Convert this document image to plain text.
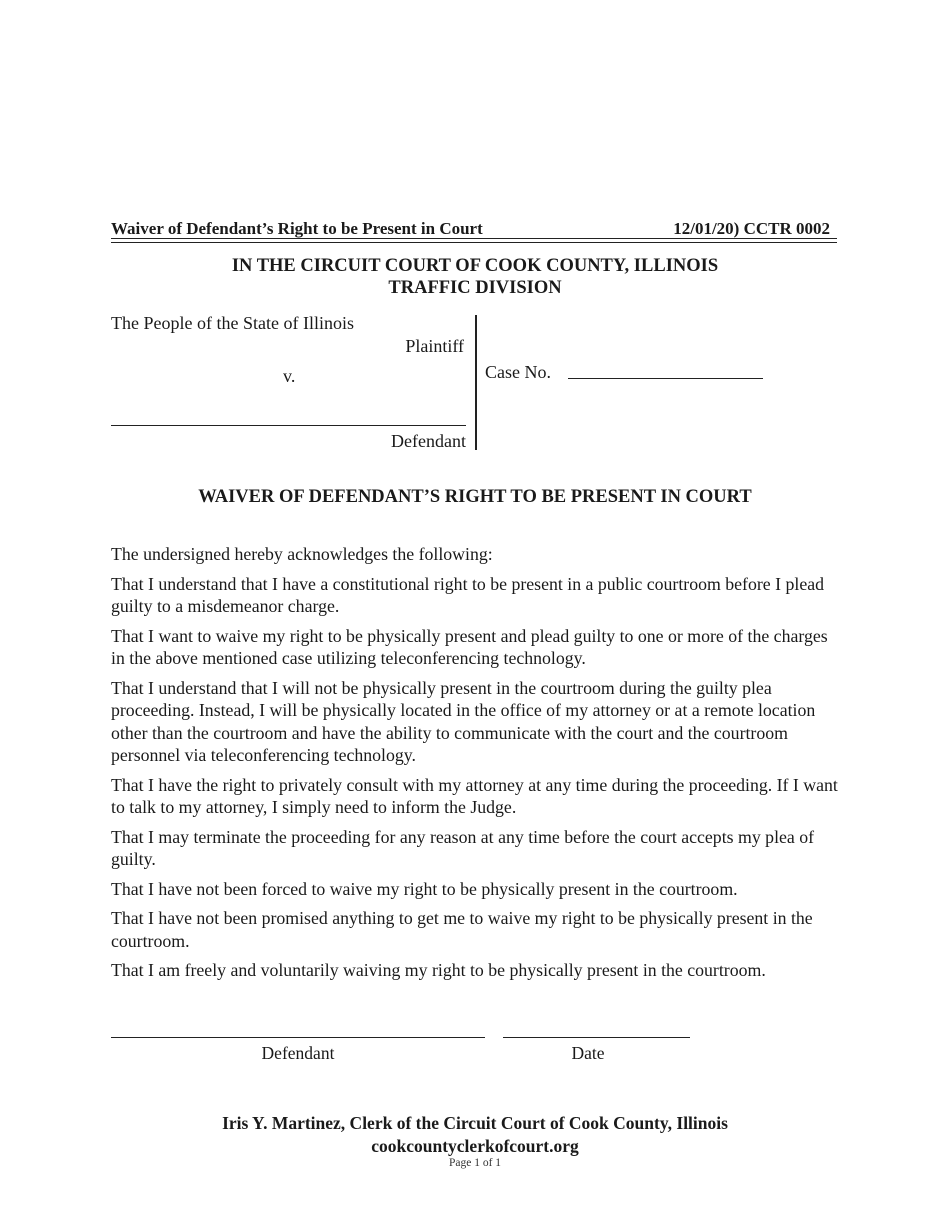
Waiver of Defendant’s Right to be Present in Court	12/01/20) CCTR 0002
IN THE CIRCUIT COURT OF COOK COUNTY, ILLINOIS
TRAFFIC DIVISION
The People of the State of Illinois
Plaintiff
v.
Defendant
Case No.
WAIVER OF DEFENDANT’S RIGHT TO BE PRESENT IN COURT

The undersigned hereby acknowledges the following:

That I understand that I have a constitutional right to be present in a public courtroom before I plead guilty to a misdemeanor charge.

That I want to waive my right to be physically present and plead guilty to one or more of the charges in the above mentioned case utilizing teleconferencing technology.

That I understand that I will not be physically present in the courtroom during the guilty plea proceeding. Instead, I will be physically located in the office of my attorney or at a remote location other than the courtroom and have the ability to communicate with the court and the courtroom personnel via teleconferencing technology.

That I have the right to privately consult with my attorney at any time during the proceeding. If I want to talk to my attorney, I simply need to inform the Judge.

That I may terminate the proceeding for any reason at any time before the court accepts my plea of guilty.

That I have not been forced to waive my right to be physically present in the courtroom.

That I have not been promised anything to get me to waive my right to be physically present in the courtroom.

That I am freely and voluntarily waiving my right to be physically present in the courtroom.

Defendant	Date
Iris Y. Martinez, Clerk of the Circuit Court of Cook County, Illinois
cookcountyclerkofcourt.org
Page 1 of 1
